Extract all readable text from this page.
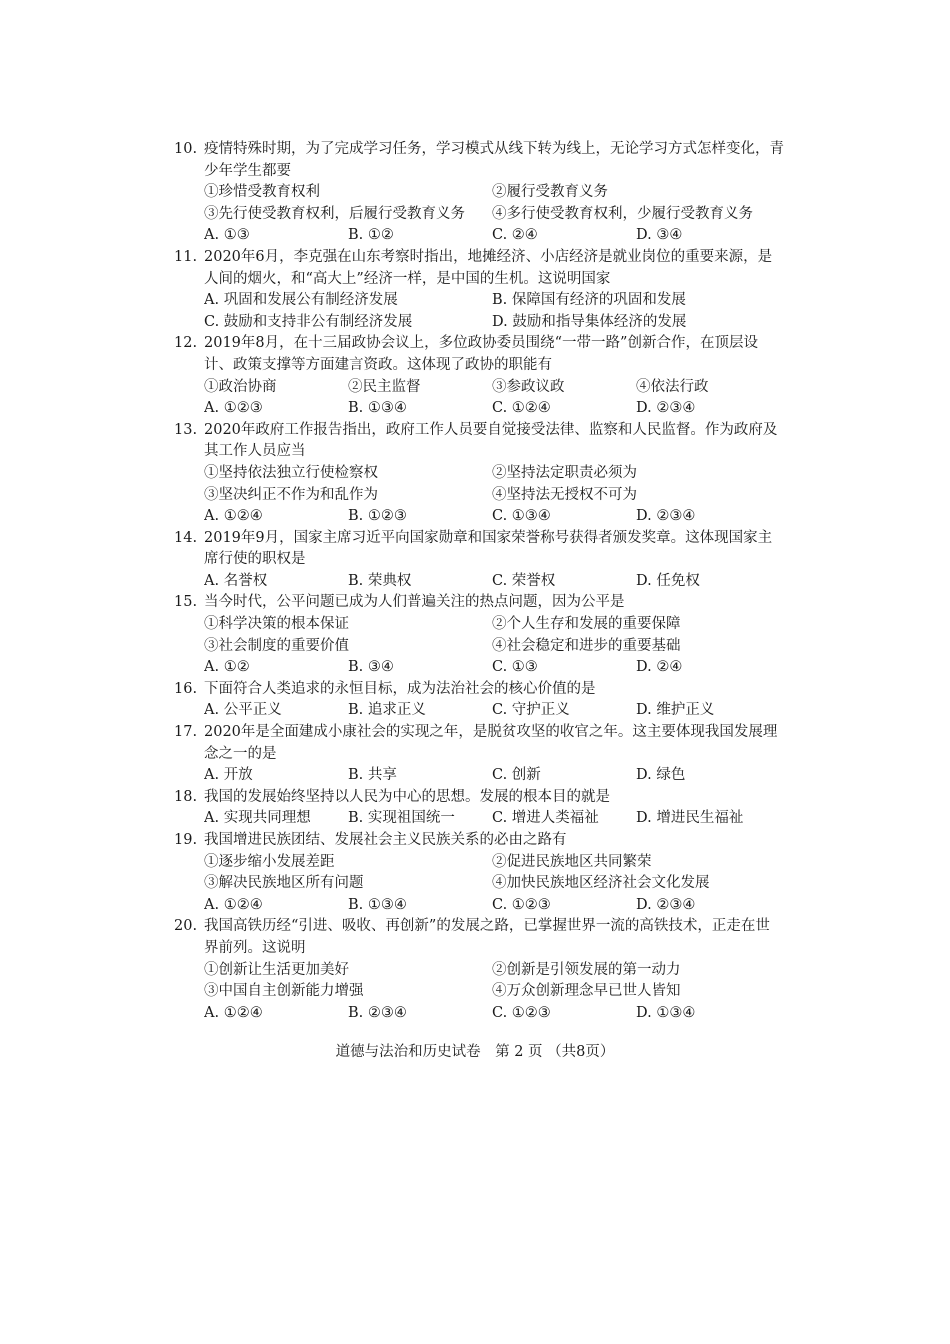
10. 疫情特殊时期，为了完成学习任务，学习模式从线下转为线上，无论学习方式怎样变化，青少年学生都要
①珍惜受教育权利	②履行受教育义务
③先行使受教育权利，后履行受教育义务	④多行使受教育权利，少履行受教育义务
A. ①③	B. ①②	C. ②④	D. ③④
11. 2020年6月，李克强在山东考察时指出，地摊经济、小店经济是就业岗位的重要来源，是人间的烟火，和“高大上”经济一样，是中国的生机。这说明国家
A. 巩固和发展公有制经济发展	B. 保障国有经济的巩固和发展
C. 鼓励和支持非公有制经济发展	D. 鼓励和指导集体经济的发展
12. 2019年8月，在十三届政协会议上，多位政协委员围绕“一带一路”创新合作，在顶层设计、政策支撑等方面建言资政。这体现了政协的职能有
①政治协商	②民主监督	③参政议政	④依法行政
A. ①②③	B. ①③④	C. ①②④	D. ②③④
13. 2020年政府工作报告指出，政府工作人员要自觉接受法律、监察和人民监督。作为政府及其工作人员应当
①坚持依法独立行使检察权	②坚持法定职责必须为
③坚决纠正不作为和乱作为	④坚持法无授权不可为
A. ①②④	B. ①②③	C. ①③④	D. ②③④
14. 2019年9月，国家主席习近平向国家勋章和国家荣誉称号获得者颁发奖章。这体现国家主席行使的职权是
A. 名誉权	B. 荣典权	C. 荣誉权	D. 任免权
15. 当今时代，公平问题已成为人们普遍关注的热点问题，因为公平是
①科学决策的根本保证	②个人生存和发展的重要保障
③社会制度的重要价值	④社会稳定和进步的重要基础
A. ①②	B. ③④	C. ①③	D. ②④
16. 下面符合人类追求的永恒目标，成为法治社会的核心价值的是
A. 公平正义	B. 追求正义	C. 守护正义	D. 维护正义
17. 2020年是全面建成小康社会的实现之年，是脱贫攻坚的收官之年。这主要体现我国发展理念之一的是
A. 开放	B. 共享	C. 创新	D. 绿色
18. 我国的发展始终坚持以人民为中心的思想。发展的根本目的就是
A. 实现共同理想	B. 实现祖国统一	C. 增进人类福祉	D. 增进民生福祉
19. 我国增进民族团结、发展社会主义民族关系的必由之路有
①逐步缩小发展差距	②促进民族地区共同繁荣
③解决民族地区所有问题	④加快民族地区经济社会文化发展
A. ①②④	B. ①③④	C. ①②③	D. ②③④
20. 我国高铁历经“引进、吸收、再创新”的发展之路，已掌握世界一流的高铁技术，正走在世界前列。这说明
①创新让生活更加美好	②创新是引领发展的第一动力
③中国自主创新能力增强	④万众创新理念早已世人皆知
A. ①②④	B. ②③④	C. ①②③	D. ①③④
道德与法治和历史试卷　第 2 页 （共8页）
